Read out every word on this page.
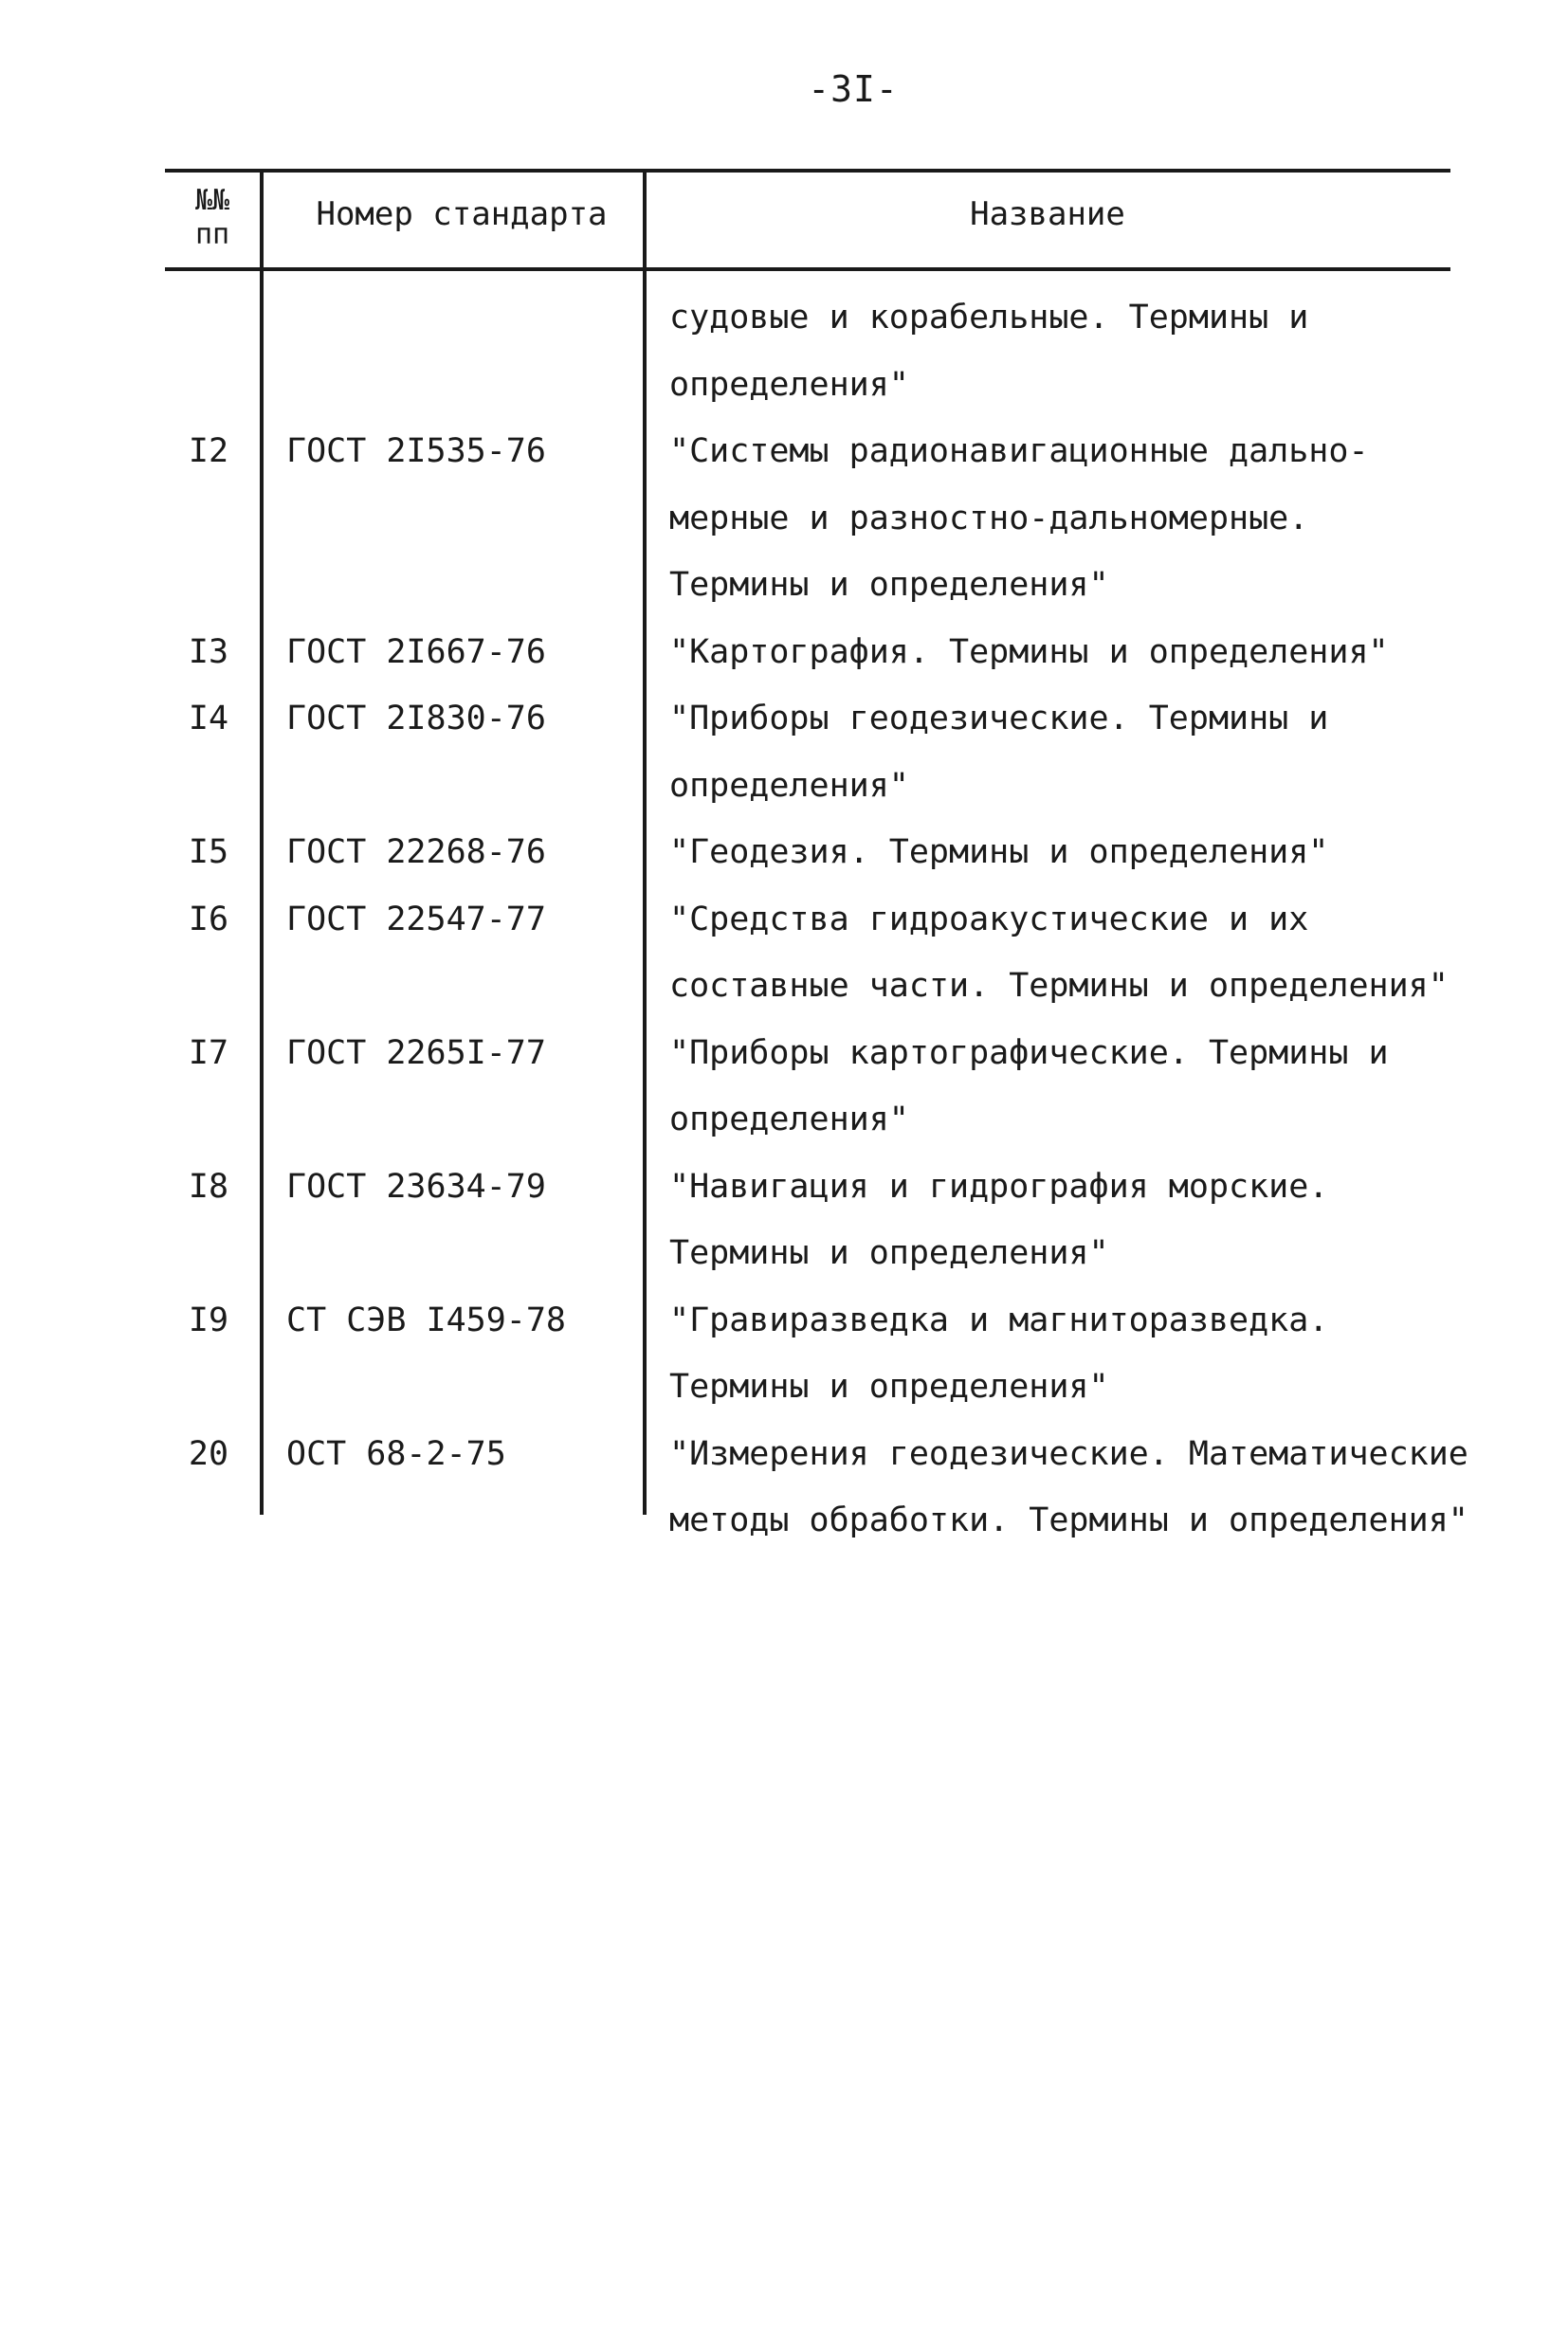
-3I-
№№
пп
Номер стандарта	Название
судовые и корабельные. Термины и
определения"
I2 ГОСТ 2I535-76	"Системы радионавигационные дально-
мерные и разностно-дальномерные.
Термины и определения"
I3 ГОСТ 2I667-76	"Картография. Термины и определения"
I4 ГОСТ 2I830-76	"Приборы геодезические. Термины и
определения"
I5 ГОСТ 22268-76	"Геодезия. Термины и определения"
I6 ГОСТ 22547-77	"Средства гидроакустические и их
составные части. Термины и определения"
I7 ГОСТ 2265I-77	"Приборы картографические. Термины и
определения"
I8 ГОСТ 23634-79	"Навигация и гидрография морские.
Термины и определения"
I9 СТ СЭВ I459-78	"Гравиразведка и магниторазведка.
Термины и определения"
20 ОСТ 68-2-75	"Измерения геодезические. Математические
методы обработки. Термины и определения"
